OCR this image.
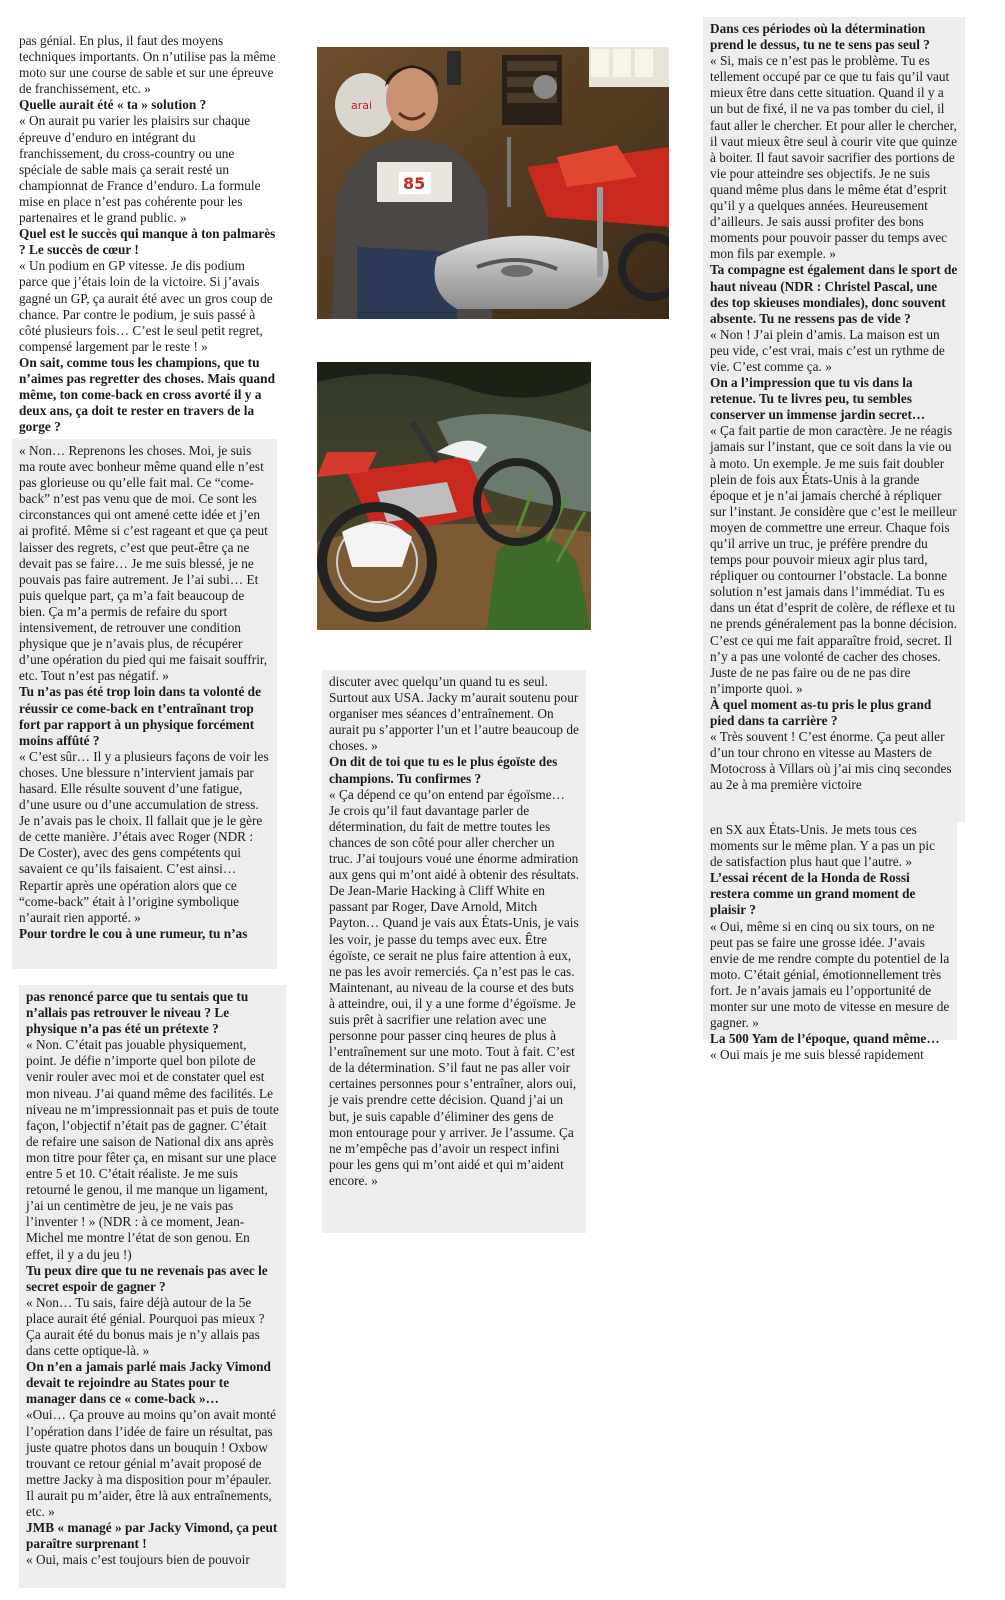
pas génial. En plus, il faut des moyens techniques importants. On n’utilise pas la même moto sur une course de sable et sur une épreuve de franchissement, etc. »

Quelle aurait été « ta » solution ?

« On aurait pu varier les plaisirs sur chaque épreuve d’enduro en intégrant du franchissement, du cross-country ou une spéciale de sable mais ça serait resté un championnat de France d’enduro. La formule mise en place n’est pas cohérente pour les partenaires et le grand public. »

Quel est le succès qui manque à ton palmarès ? Le succès de cœur !

« Un podium en GP vitesse. Je dis podium parce que j’étais loin de la victoire. Si j’avais gagné un GP, ça aurait été avec un gros coup de chance. Par contre le podium, je suis passé à côté plusieurs fois… C’est le seul petit regret, compensé largement par le reste ! »

On sait, comme tous les champions, que tu n’aimes pas regretter des choses. Mais quand même, ton come-back en cross avorté il y a deux ans, ça doit te rester en travers de la gorge ?

« Non… Reprenons les choses. Moi, je suis ma route avec bonheur même quand elle n’est pas glorieuse ou qu’elle fait mal. Ce “come-back” n’est pas venu que de moi. Ce sont les circonstances qui ont amené cette idée et j’en ai profité. Même si c’est rageant et que ça peut laisser des regrets, c’est que peut-être ça ne devait pas se faire… Je me suis blessé, je ne pouvais pas faire autrement. Je l’ai subi… Et puis quelque part, ça m’a fait beaucoup de bien. Ça m’a permis de refaire du sport intensivement, de retrouver une condition physique que je n’avais plus, de récupérer d’une opération du pied qui me faisait souffrir, etc. Tout n’est pas négatif. »

Tu n’as pas été trop loin dans ta volonté de réussir ce come-back en t’entraînant trop fort par rapport à un physique forcément moins affûté ?

« C’est sûr… Il y a plusieurs façons de voir les choses. Une blessure n’intervient jamais par hasard. Elle résulte souvent d’une fatigue, d’une usure ou d’une accumulation de stress. Je n’avais pas le choix. Il fallait que je le gère de cette manière. J’étais avec Roger (NDR : De Coster), avec des gens compétents qui savaient ce qu’ils faisaient. C’est ainsi… Repartir après une opération alors que ce “come-back” était à l’origine symbolique n’aurait rien apporté. »

Pour tordre le cou à une rumeur, tu n’as

pas renoncé parce que tu sentais que tu n’allais pas retrouver le niveau ? Le physique n’a pas été un prétexte ?

« Non. C’était pas jouable physiquement, point. Je défie n’importe quel bon pilote de venir rouler avec moi et de constater quel est mon niveau. J’ai quand même des facilités. Le niveau ne m’impressionnait pas et puis de toute façon, l’objectif n’était pas de gagner. C’était de refaire une saison de National dix ans après mon titre pour fêter ça, en misant sur une place entre 5 et 10. C’était réaliste. Je me suis retourné le genou, il me manque un ligament, j’ai un centimètre de jeu, je ne vais pas l’inventer ! » (NDR : à ce moment, Jean-Michel me montre l’état de son genou. En effet, il y a du jeu !)

Tu peux dire que tu ne revenais pas avec le secret espoir de gagner ?

« Non… Tu sais, faire déjà autour de la 5e place aurait été génial. Pourquoi pas mieux ? Ça aurait été du bonus mais je n’y allais pas dans cette optique-là. »

On n’en a jamais parlé mais Jacky Vimond devait te rejoindre au States pour te manager dans ce « come-back »…

«Oui… Ça prouve au moins qu’on avait monté l’opération dans l’idée de faire un résultat, pas juste quatre photos dans un bouquin ! Oxbow trouvant ce retour génial m’avait proposé de mettre Jacky à ma disposition pour m’épauler. Il aurait pu m’aider, être là aux entraînements, etc. »

JMB « managé » par Jacky Vimond, ça peut paraître surprenant !

« Oui, mais c’est toujours bien de pouvoir

discuter avec quelqu’un quand tu es seul. Surtout aux USA. Jacky m’aurait soutenu pour organiser mes séances d’entraînement. On aurait pu s’apporter l’un et l’autre beaucoup de choses. »

On dit de toi que tu es le plus égoïste des champions. Tu confirmes ?

« Ça dépend ce qu’on entend par égoïsme… Je crois qu’il faut davantage parler de détermination, du fait de mettre toutes les chances de son côté pour aller chercher un truc. J’ai toujours voué une énorme admiration aux gens qui m’ont aidé à obtenir des résultats. De Jean-Marie Hacking à Cliff White en passant par Roger, Dave Arnold, Mitch Payton… Quand je vais aux États-Unis, je vais les voir, je passe du temps avec eux. Être égoïste, ce serait ne plus faire attention à eux, ne pas les avoir remerciés. Ça n’est pas le cas. Maintenant, au niveau de la course et des buts à atteindre, oui, il y a une forme d’égoïsme. Je suis prêt à sacrifier une relation avec une personne pour passer cinq heures de plus à l’entraînement sur une moto. Tout à fait. C’est de la détermination. S’il faut ne pas aller voir certaines personnes pour s’entraîner, alors oui, je vais prendre cette décision. Quand j’ai un but, je suis capable d’éliminer des gens de mon entourage pour y arriver. Je l’assume. Ça ne m’empêche pas d’avoir un respect infini pour les gens qui m’ont aidé et qui m’aident encore. »

Dans ces périodes où la détermination prend le dessus, tu ne te sens pas seul ?

« Si, mais ce n’est pas le problème. Tu es tellement occupé par ce que tu fais qu’il vaut mieux être dans cette situation. Quand il y a un but de fixé, il ne va pas tomber du ciel, il faut aller le chercher. Et pour aller le chercher, il vaut mieux être seul à courir vite que quinze à boiter. Il faut savoir sacrifier des portions de vie pour atteindre ses objectifs. Je ne suis quand même plus dans le même état d’esprit qu’il y a quelques années. Heureusement d’ailleurs. Je sais aussi profiter des bons moments pour pouvoir passer du temps avec mon fils par exemple. »

Ta compagne est également dans le sport de haut niveau (NDR : Christel Pascal, une des top skieuses mondiales), donc souvent absente. Tu ne ressens pas de vide ?

« Non ! J’ai plein d’amis. La maison est un peu vide, c’est vrai, mais c’est un rythme de vie. C’est comme ça. »

On a l’impression que tu vis dans la retenue. Tu te livres peu, tu sembles conserver un immense jardin secret…

« Ça fait partie de mon caractère. Je ne réagis jamais sur l’instant, que ce soit dans la vie ou à moto. Un exemple. Je me suis fait doubler plein de fois aux États-Unis à la grande époque et je n’ai jamais cherché à répliquer sur l’instant. Je considère que c’est le meilleur moyen de commettre une erreur. Chaque fois qu’il arrive un truc, je préfère prendre du temps pour pouvoir mieux agir plus tard, répliquer ou contourner l’obstacle. La bonne solution n’est jamais dans l’immédiat. Tu es dans un état d’esprit de colère, de réflexe et tu ne prends généralement pas la bonne décision. C’est ce qui me fait apparaître froid, secret. Il n’y a pas une volonté de cacher des choses. Juste de ne pas faire ou de ne pas dire n’importe quoi. »

À quel moment as-tu pris le plus grand pied dans ta carrière ?

« Très souvent ! C’est énorme. Ça peut aller d’un tour chrono en vitesse au Masters de Motocross à Villars où j’ai mis cinq secondes au 2e à ma première victoire

en SX aux États-Unis. Je mets tous ces moments sur le même plan. Y a pas un pic de satisfaction plus haut que l’autre. »

L’essai récent de la Honda de Rossi restera comme un grand moment de plaisir ?

« Oui, même si en cinq ou six tours, on ne peut pas se faire une grosse idée. J’avais envie de me rendre compte du potentiel de la moto. C’était génial, émotionnellement très fort. Je n’avais jamais eu l’opportunité de monter sur une moto de vitesse en mesure de gagner. »

La 500 Yam de l’époque, quand même…

« Oui mais je me suis blessé rapidement

arai
85
